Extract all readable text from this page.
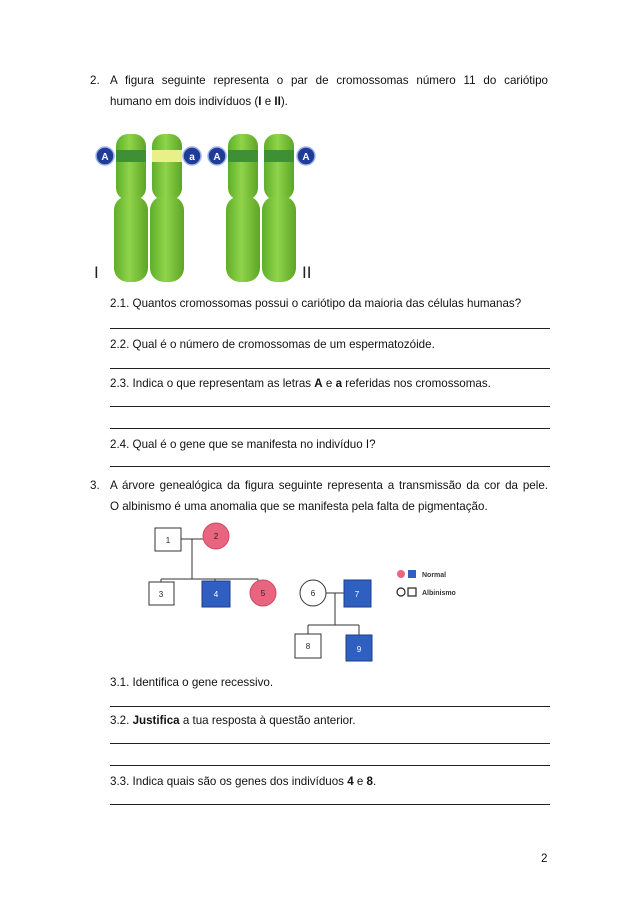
2. A figura seguinte representa o par de cromossomas número 11 do cariótipo
humano em dois indivíduos (I e II).
A	a A	A
I	II
2.1. Quantos cromossomas possui o cariótipo da maioria das células humanas?
2.2. Qual é o número de cromossomas de um espermatozóide.
2.3. Indica o que representam as letras A e a referidas nos cromossomas.
2.4. Qual é o gene que se manifesta no indivíduo I?
3. A árvore genealógica da figura seguinte representa a transmissão da cor da pele.
O albinismo é uma anomalia que se manifesta pela falta de pigmentação.
1	2
3	4	5	6	7
8	9
Normal
Albinismo
3.1. Identifica o gene recessivo.
3.2. Justifica a tua resposta à questão anterior.
3.3. Indica quais são os genes dos indivíduos 4 e 8.
2
